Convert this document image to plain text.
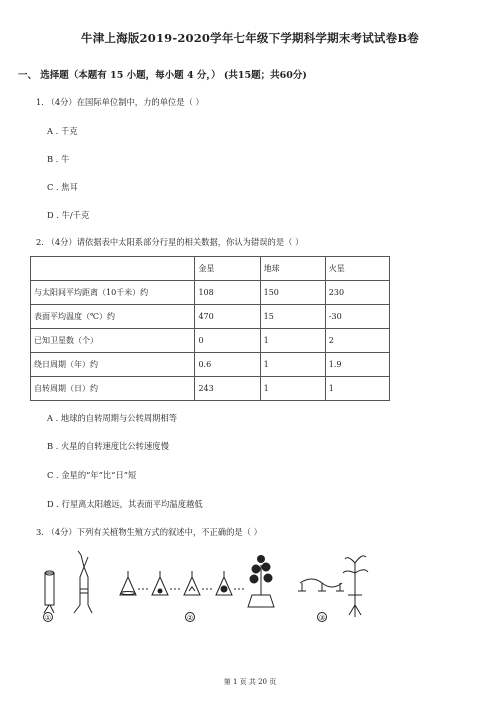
牛津上海版2019-2020学年七年级下学期科学期末考试试卷B卷
一、 选择题（本题有 15 小题，每小题 4 分，） (共15题；共60分)
1. （4分）在国际单位制中，力的单位是（ ）
A . 千克
B . 牛
C . 焦耳
D . 牛/千克
2. （4分）请依据表中太阳系部分行星的相关数据，你认为错误的是（ ）
	金星	地球	火星
与太阳间平均距离（10千米）约	108	150	230
表面平均温度（℃）约	470	15	-30
已知卫星数（个）	0	1	2
绕日周期（年）约	0.6	1	1.9
自转周期（日）约	243	1	1
A . 地球的自转周期与公转周期相等
B . 火星的自转速度比公转速度慢
C . 金星的“年”比“日”短
D . 行星离太阳越远，其表面平均温度越低
3. （4分）下列有关植物生殖方式的叙述中，不正确的是（ ）
①	②	③
第 1 页 共 20 页
